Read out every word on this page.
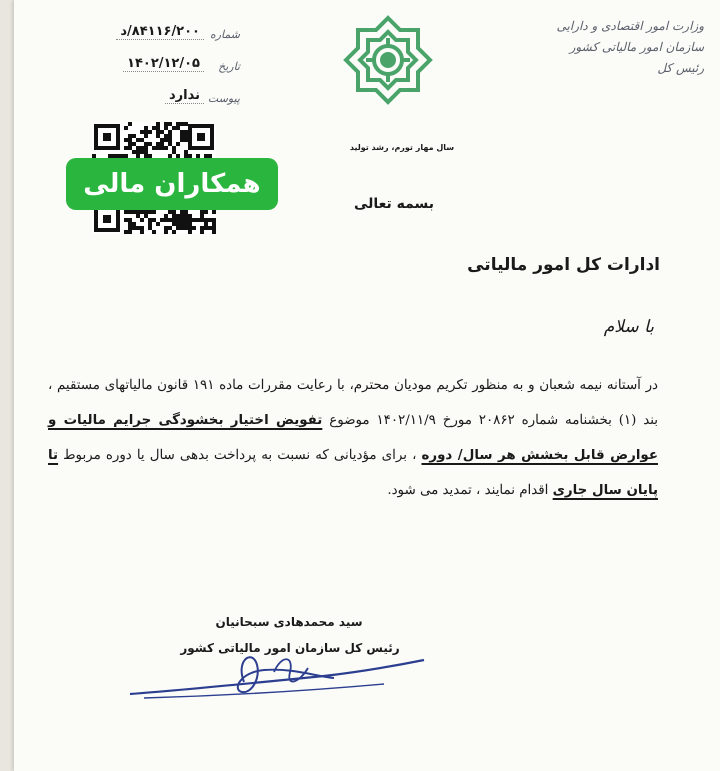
وزارت امور اقتصادی و دارایی
سازمان امور مالیاتی کشور
رئیس کل
سال مهار تورم، رشد تولید
بسمه تعالی
شماره
۸۴۱۱۶/۲۰۰/د
تاریخ
۱۴۰۲/۱۲/۰۵
پیوست
ندارد
همکاران مالی
ادارات کل امور مالیاتی
با سلام
در آستانه نیمه شعبان و به منظور تکریم مودیان محترم، با رعایت مقررات ماده ۱۹۱ قانون مالیاتهای مستقیم ، بند (۱) بخشنامه شماره ۲۰۸۶۲ مورخ ۱۴۰۲/۱۱/۹ موضوع تفویض اختیار بخشودگی جرایم مالیات و عوارض قابل بخشش هر سال/ دوره ، برای مؤدیانی که نسبت به پرداخت بدهی سال یا دوره مربوط تا پایان سال جاری اقدام نمایند ، تمدید می شود.
سید محمدهادی سبحانیان
رئیس کل سازمان امور مالیاتی کشور
